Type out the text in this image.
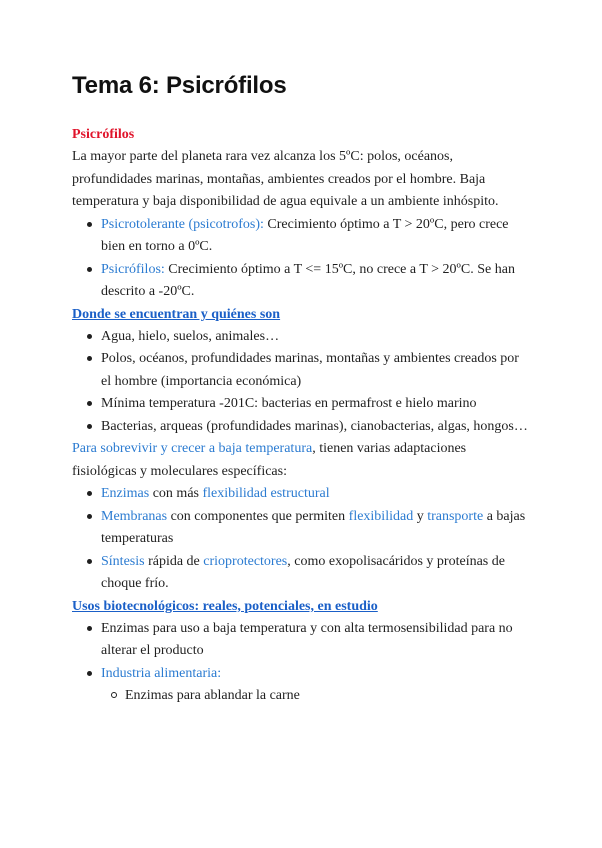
Tema 6: Psicrófilos
Psicrófilos

La mayor parte del planeta rara vez alcanza los 5ºC: polos, océanos, profundidades marinas, montañas, ambientes creados por el hombre. Baja temperatura y baja disponibilidad de agua equivale a un ambiente inhóspito.

Psicrotolerante (psicotrofos): Crecimiento óptimo a T > 20ºC, pero crece bien en torno a 0ºC.
Psicrófilos: Crecimiento óptimo a T <= 15ºC, no crece a T > 20ºC. Se han descrito a -20ºC.
Donde se encuentran y quiénes son
Agua, hielo, suelos, animales…
Polos, océanos, profundidades marinas, montañas y ambientes creados por el hombre (importancia económica)
Mínima temperatura -201C: bacterias en permafrost e hielo marino
Bacterias, arqueas (profundidades marinas), cianobacterias, algas, hongos…

Para sobrevivir y crecer a baja temperatura, tienen varias adaptaciones fisiológicas y moleculares específicas:

Enzimas con más flexibilidad estructural
Membranas con componentes que permiten flexibilidad y transporte a bajas temperaturas
Síntesis rápida de crioprotectores, como exopolisacáridos y proteínas de choque frío.
Usos biotecnológicos: reales, potenciales, en estudio
Enzimas para uso a baja temperatura y con alta termosensibilidad para no alterar el producto
Industria alimentaria:
Enzimas para ablandar la carne
